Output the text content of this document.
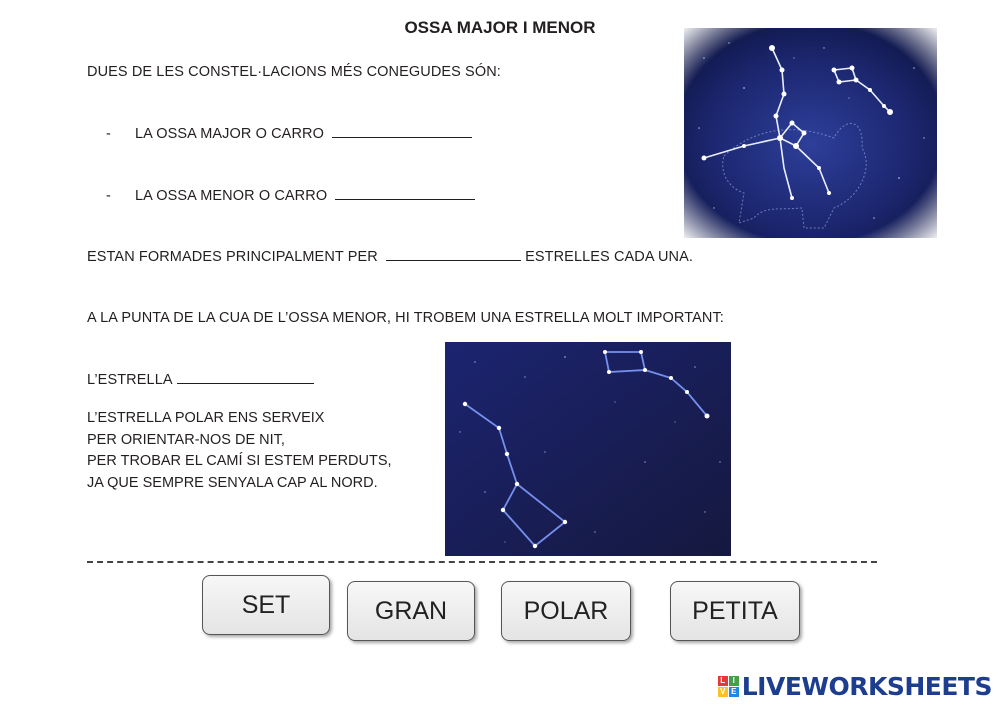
OSSA MAJOR I MENOR
DUES DE LES CONSTEL·LACIONS MÉS CONEGUDES SÓN:
- LA OSSA MAJOR O CARRO
- LA OSSA MENOR O CARRO
ESTAN FORMADES PRINCIPALMENT PER	ESTRELLES CADA UNA.
A LA PUNTA DE LA CUA DE L’OSSA MENOR, HI TROBEM UNA ESTRELLA MOLT IMPORTANT:
L’ESTRELLA
L’ESTRELLA POLAR ENS SERVEIX
PER ORIENTAR-NOS DE NIT,
PER TROBAR EL CAMÍ SI ESTEM PERDUTS,
JA QUE SEMPRE SENYALA CAP AL NORD.
SET	GRAN	POLAR	PETITA
L I
V E LIVEWORKSHEETS
